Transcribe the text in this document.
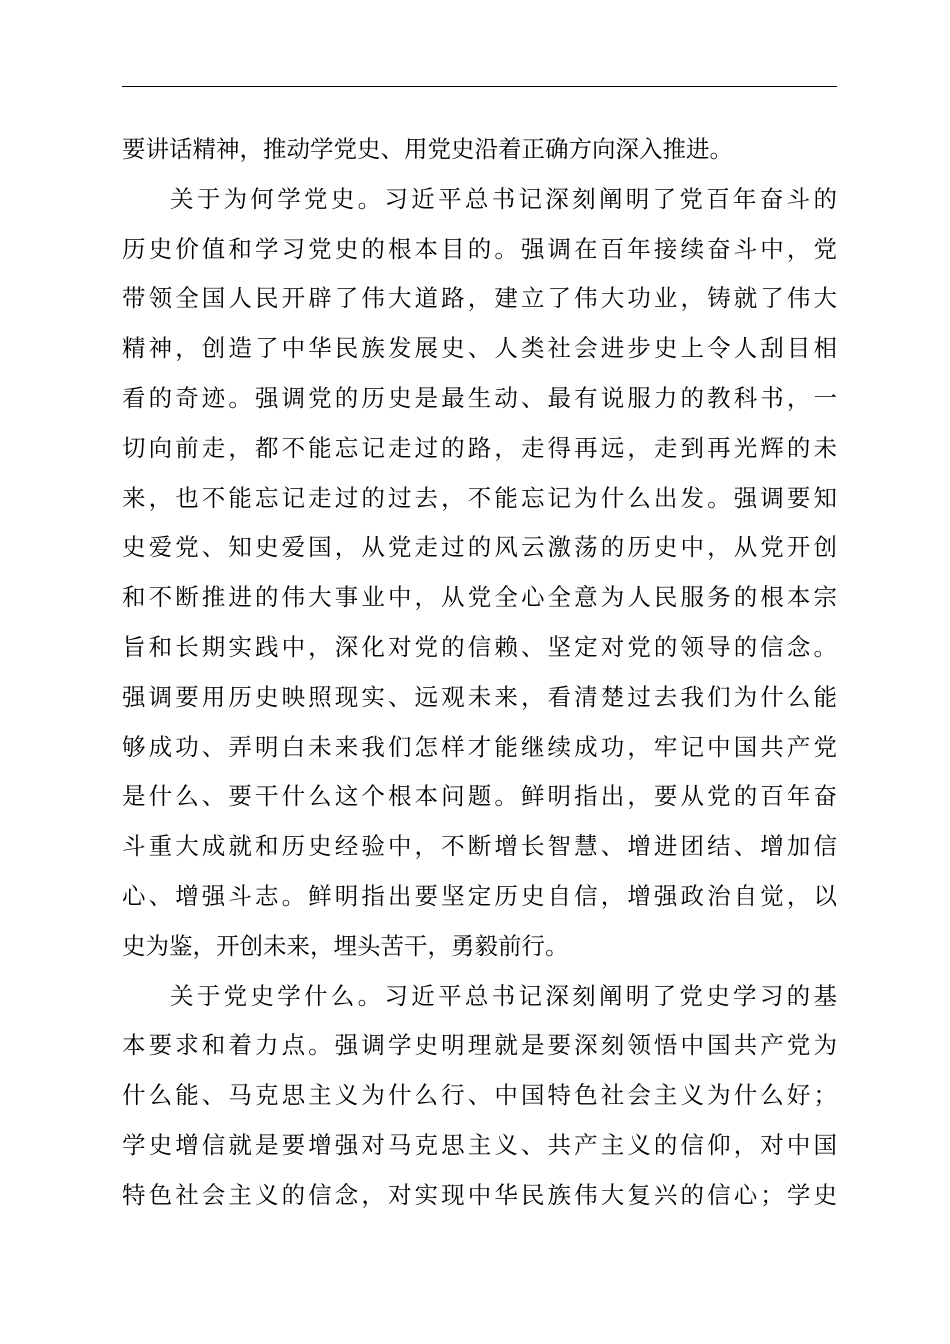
要讲话精神，推动学党史、用党史沿着正确方向深入推进。
关于为何学党史。习近平总书记深刻阐明了党百年奋斗的
历史价值和学习党史的根本目的。强调在百年接续奋斗中，党
带领全国人民开辟了伟大道路，建立了伟大功业，铸就了伟大
精神，创造了中华民族发展史、人类社会进步史上令人刮目相
看的奇迹。强调党的历史是最生动、最有说服力的教科书，一
切向前走，都不能忘记走过的路，走得再远，走到再光辉的未
来，也不能忘记走过的过去，不能忘记为什么出发。强调要知
史爱党、知史爱国，从党走过的风云激荡的历史中，从党开创
和不断推进的伟大事业中，从党全心全意为人民服务的根本宗
旨和长期实践中，深化对党的信赖、坚定对党的领导的信念。
强调要用历史映照现实、远观未来，看清楚过去我们为什么能
够成功、弄明白未来我们怎样才能继续成功，牢记中国共产党
是什么、要干什么这个根本问题。鲜明指出，要从党的百年奋
斗重大成就和历史经验中，不断增长智慧、增进团结、增加信
心、增强斗志。鲜明指出要坚定历史自信，增强政治自觉，以
史为鉴，开创未来，埋头苦干，勇毅前行。
关于党史学什么。习近平总书记深刻阐明了党史学习的基
本要求和着力点。强调学史明理就是要深刻领悟中国共产党为
什么能、马克思主义为什么行、中国特色社会主义为什么好；
学史增信就是要增强对马克思主义、共产主义的信仰，对中国
特色社会主义的信念，对实现中华民族伟大复兴的信心；学史
